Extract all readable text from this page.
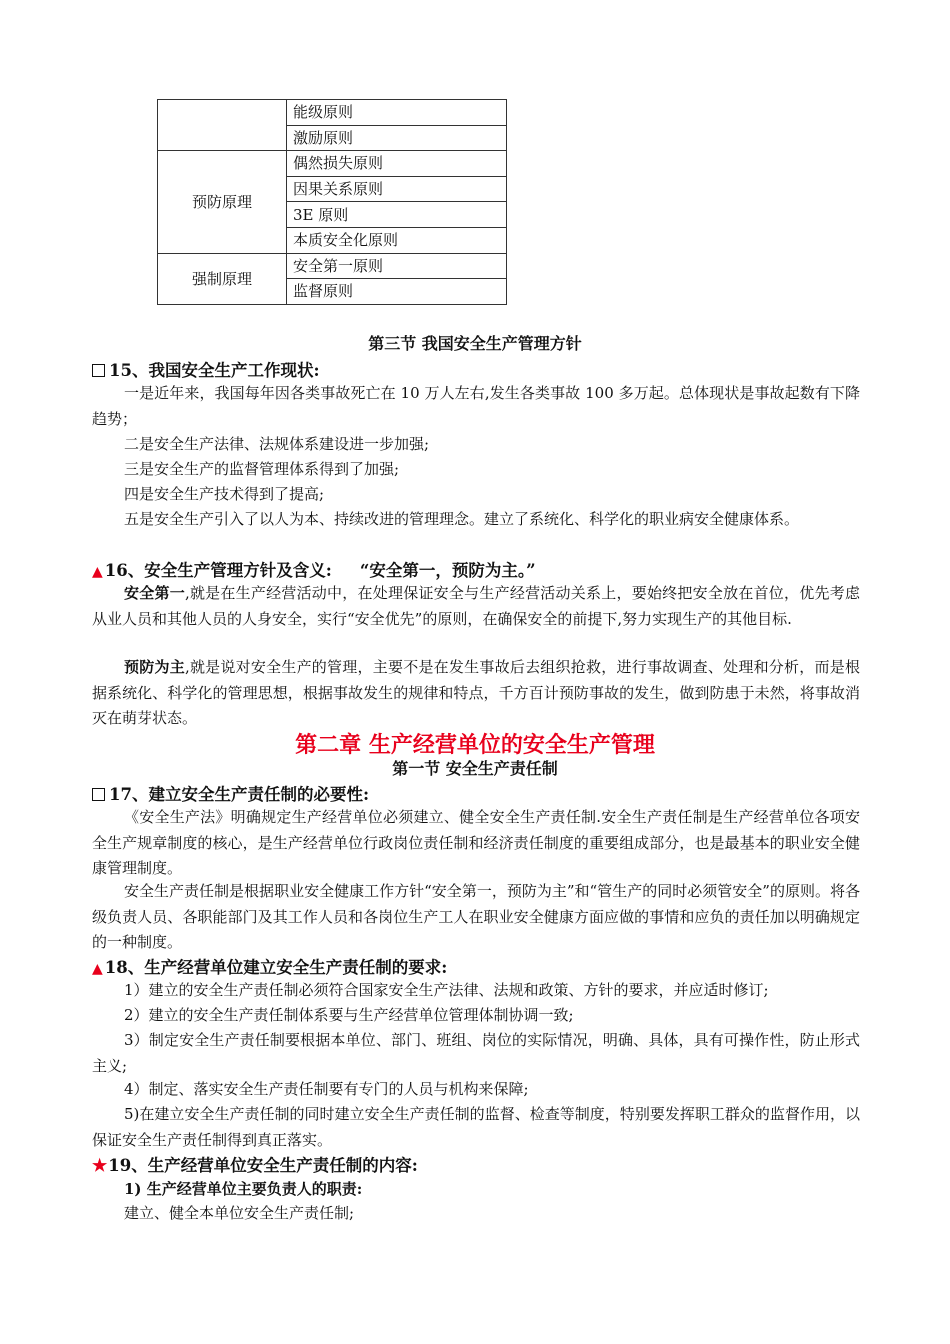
	能级原则
	激励原则
预防原理	偶然损失原则
	因果关系原则
	3E 原则
	本质安全化原则
强制原理	安全第一原则
	监督原则
第三节 我国安全生产管理方针
15、我国安全生产工作现状:

一是近年来，我国每年因各类事故死亡在 10 万人左右,发生各类事故 100 多万起。总体现状是事故起数有下降趋势；

二是安全生产法律、法规体系建设进一步加强;

三是安全生产的监督管理体系得到了加强;

四是安全生产技术得到了提高;

五是安全生产引入了以人为本、持续改进的管理理念。建立了系统化、科学化的职业病安全健康体系。

▲ 16、安全生产管理方针及含义: “安全第一，预防为主。”

安全第一,就是在生产经营活动中，在处理保证安全与生产经营活动关系上，要始终把安全放在首位，优先考虑从业人员和其他人员的人身安全，实行“安全优先”的原则，在确保安全的前提下,努力实现生产的其他目标.

预防为主,就是说对安全生产的管理，主要不是在发生事故后去组织抢救，进行事故调查、处理和分析，而是根据系统化、科学化的管理思想，根据事故发生的规律和特点，千方百计预防事故的发生，做到防患于未然，将事故消灭在萌芽状态。

第二章 生产经营单位的安全生产管理
第一节 安全生产责任制
17、建立安全生产责任制的必要性:

《安全生产法》明确规定生产经营单位必须建立、健全安全生产责任制.安全生产责任制是生产经营单位各项安全生产规章制度的核心，是生产经营单位行政岗位责任制和经济责任制度的重要组成部分，也是最基本的职业安全健康管理制度。

安全生产责任制是根据职业安全健康工作方针“安全第一，预防为主”和“管生产的同时必须管安全”的原则。将各级负责人员、各职能部门及其工作人员和各岗位生产工人在职业安全健康方面应做的事情和应负的责任加以明确规定的一种制度。

▲ 18、生产经营单位建立安全生产责任制的要求:

1）建立的安全生产责任制必须符合国家安全生产法律、法规和政策、方针的要求，并应适时修订;

2）建立的安全生产责任制体系要与生产经营单位管理体制协调一致;

3）制定安全生产责任制要根据本单位、部门、班组、岗位的实际情况，明确、具体，具有可操作性，防止形式主义;

4）制定、落实安全生产责任制要有专门的人员与机构来保障;

5)在建立安全生产责任制的同时建立安全生产责任制的监督、检查等制度，特别要发挥职工群众的监督作用，以保证安全生产责任制得到真正落实。

★19、生产经营单位安全生产责任制的内容:
1) 生产经营单位主要负责人的职责:

建立、健全本单位安全生产责任制;
